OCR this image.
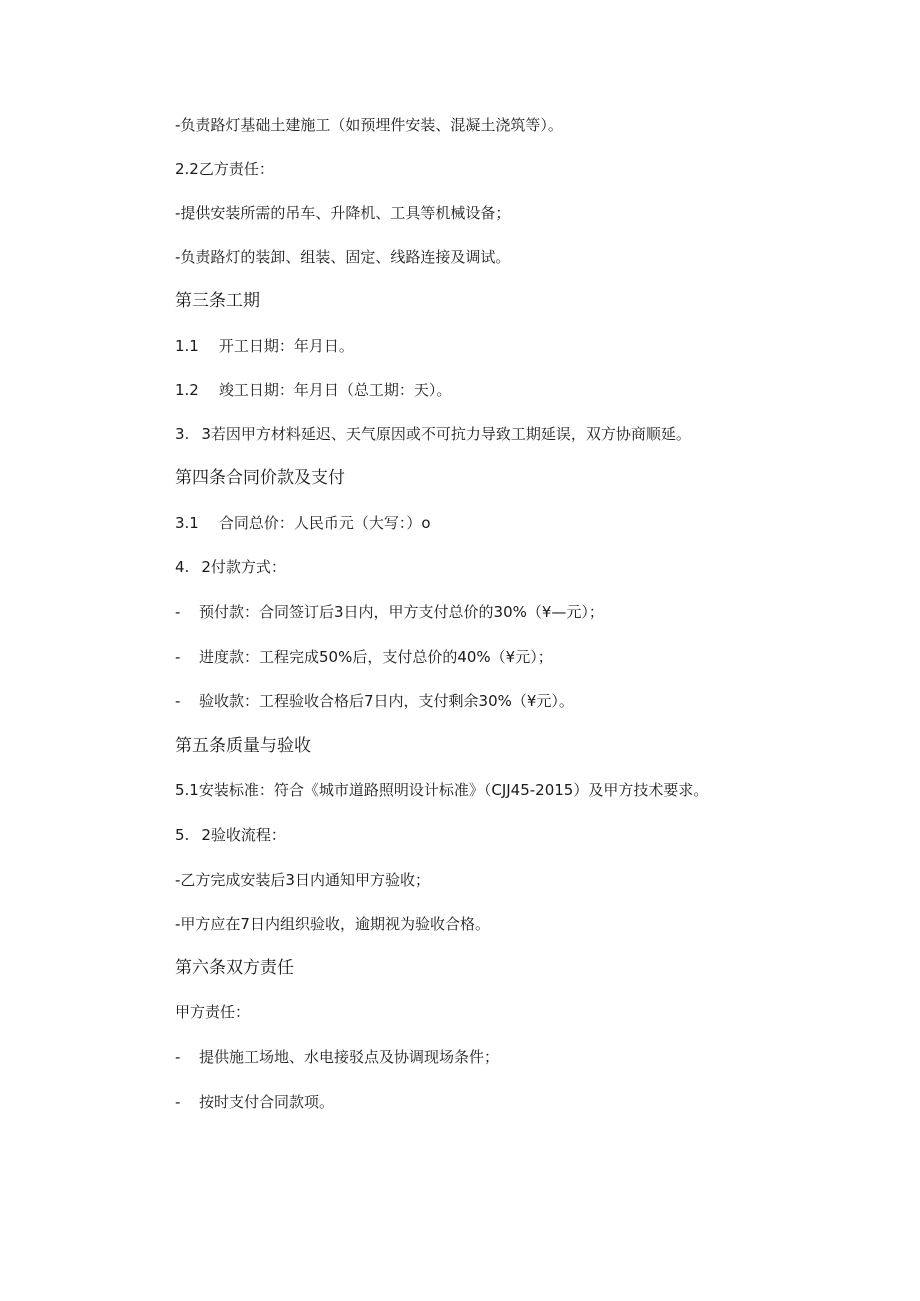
-负责路灯基础土建施工（如预埋件安装、混凝土浇筑等）。
2.2乙方责任：
-提供安装所需的吊车、升降机、工具等机械设备；
-负责路灯的装卸、组装、固定、线路连接及调试。
第三条工期
1.1 开工日期：年月日。
1.2 竣工日期：年月日（总工期：天）。
3. 3若因甲方材料延迟、天气原因或不可抗力导致工期延误，双方协商顺延。
第四条合同价款及支付
3.1 合同总价：人民币元（大写：）o
4. 2付款方式：
- 预付款：合同签订后3日内，甲方支付总价的30%（¥—元）；
- 进度款：工程完成50%后，支付总价的40%（¥元）；
- 验收款：工程验收合格后7日内，支付剩余30%（¥元）。
第五条质量与验收
5.1安装标准：符合《城市道路照明设计标准》（CJJ45-2015）及甲方技术要求。
5. 2验收流程：
-乙方完成安装后3日内通知甲方验收；
-甲方应在7日内组织验收，逾期视为验收合格。
第六条双方责任
甲方责任：
- 提供施工场地、水电接驳点及协调现场条件；
- 按时支付合同款项。
